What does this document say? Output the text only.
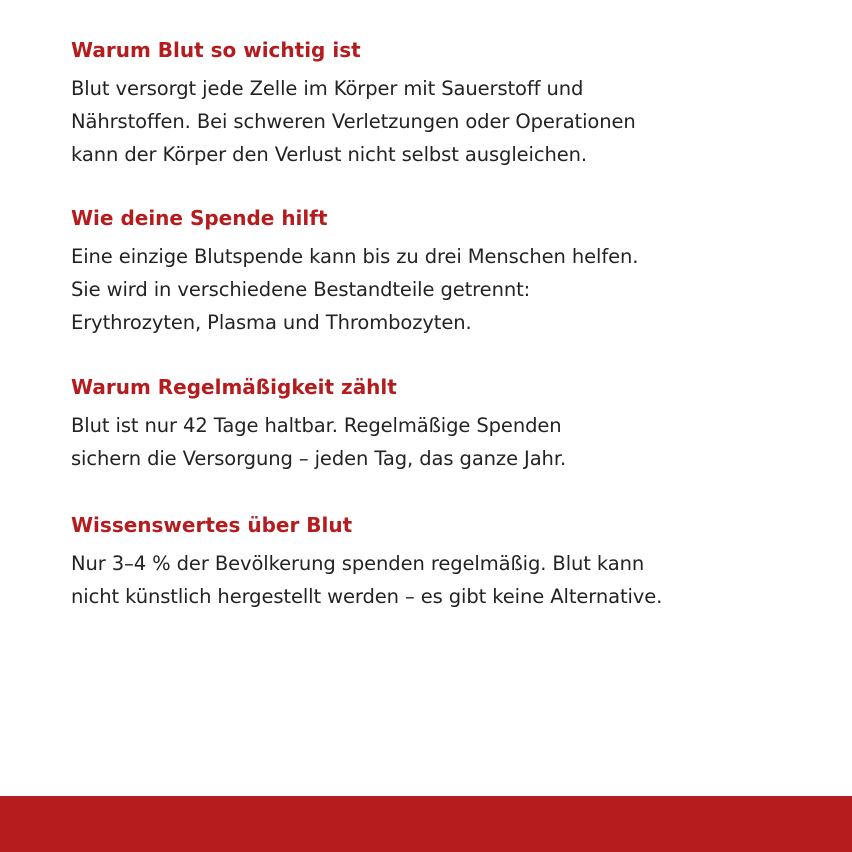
Warum Blut so wichtig ist

Blut versorgt jede Zelle im Körper mit Sauerstoff und

Nährstoffen. Bei schweren Verletzungen oder Operationen

kann der Körper den Verlust nicht selbst ausgleichen.

Wie deine Spende hilft

Eine einzige Blutspende kann bis zu drei Menschen helfen.

Sie wird in verschiedene Bestandteile getrennt:

Erythrozyten, Plasma und Thrombozyten.

Warum Regelmäßigkeit zählt

Blut ist nur 42 Tage haltbar. Regelmäßige Spenden

sichern die Versorgung – jeden Tag, das ganze Jahr.

Wissenswertes über Blut

Nur 3–4 % der Bevölkerung spenden regelmäßig. Blut kann

nicht künstlich hergestellt werden – es gibt keine Alternative.
